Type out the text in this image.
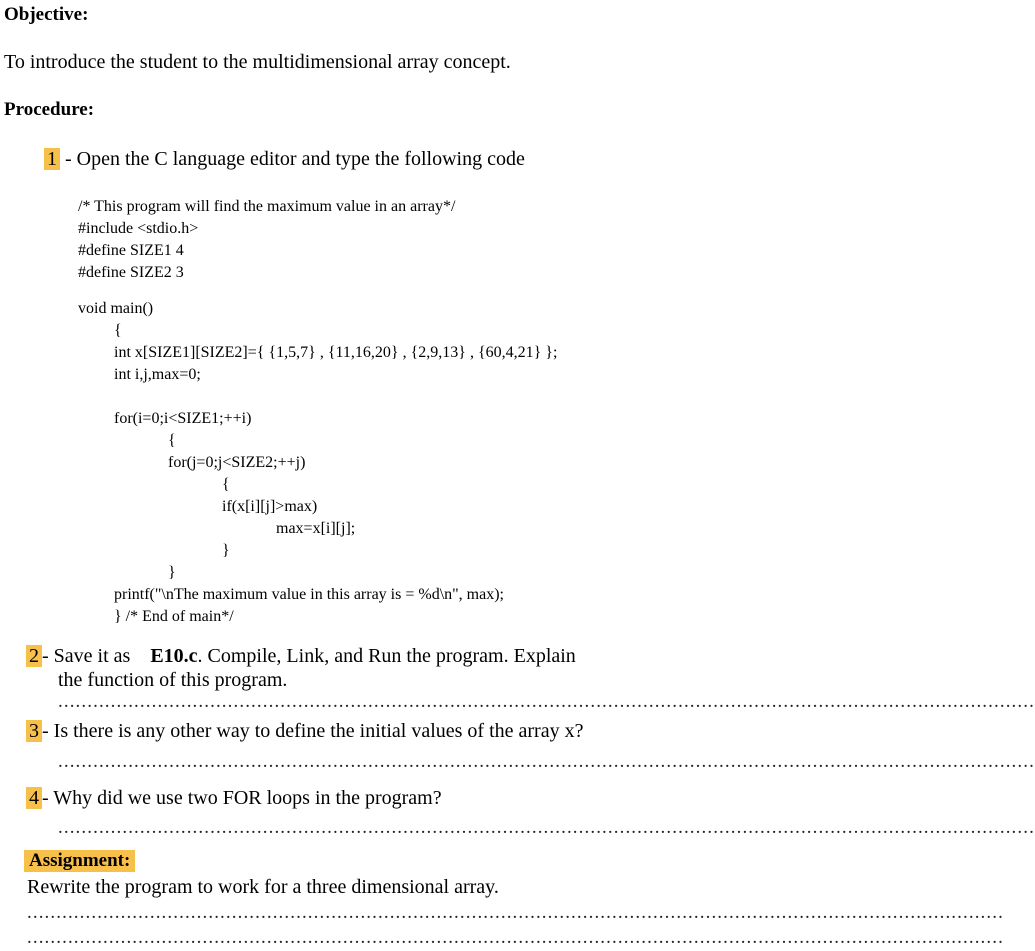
Objective:
To introduce the student to the multidimensional array concept.
Procedure:
1 - Open the C language editor and type the following code
/* This program will find the maximum value in an array*/
#include <stdio.h>
#define SIZE1 4
#define SIZE2 3
void main()
{
int x[SIZE1][SIZE2]={ {1,5,7} , {11,16,20} , {2,9,13} , {60,4,21} };
int i,j,max=0;
for(i=0;i<SIZE1;++i)
{
for(j=0;j<SIZE2;++j)
{
if(x[i][j]>max)
max=x[i][j];
}
}
printf("\nThe maximum value in this array is = %d\n", max);
} /* End of main*/
2 - Save it as    E10.c. Compile, Link, and Run the program. Explain
the function of this program.
.......................................................................................................................................................................
3 - Is there is any other way to define the initial values of the array x?
.......................................................................................................................................................................
4 - Why did we use two FOR loops in the program?
.......................................................................................................................................................................
Assignment:
Rewrite the program to work for a three dimensional array.
.......................................................................................................................................................................
.......................................................................................................................................................................
